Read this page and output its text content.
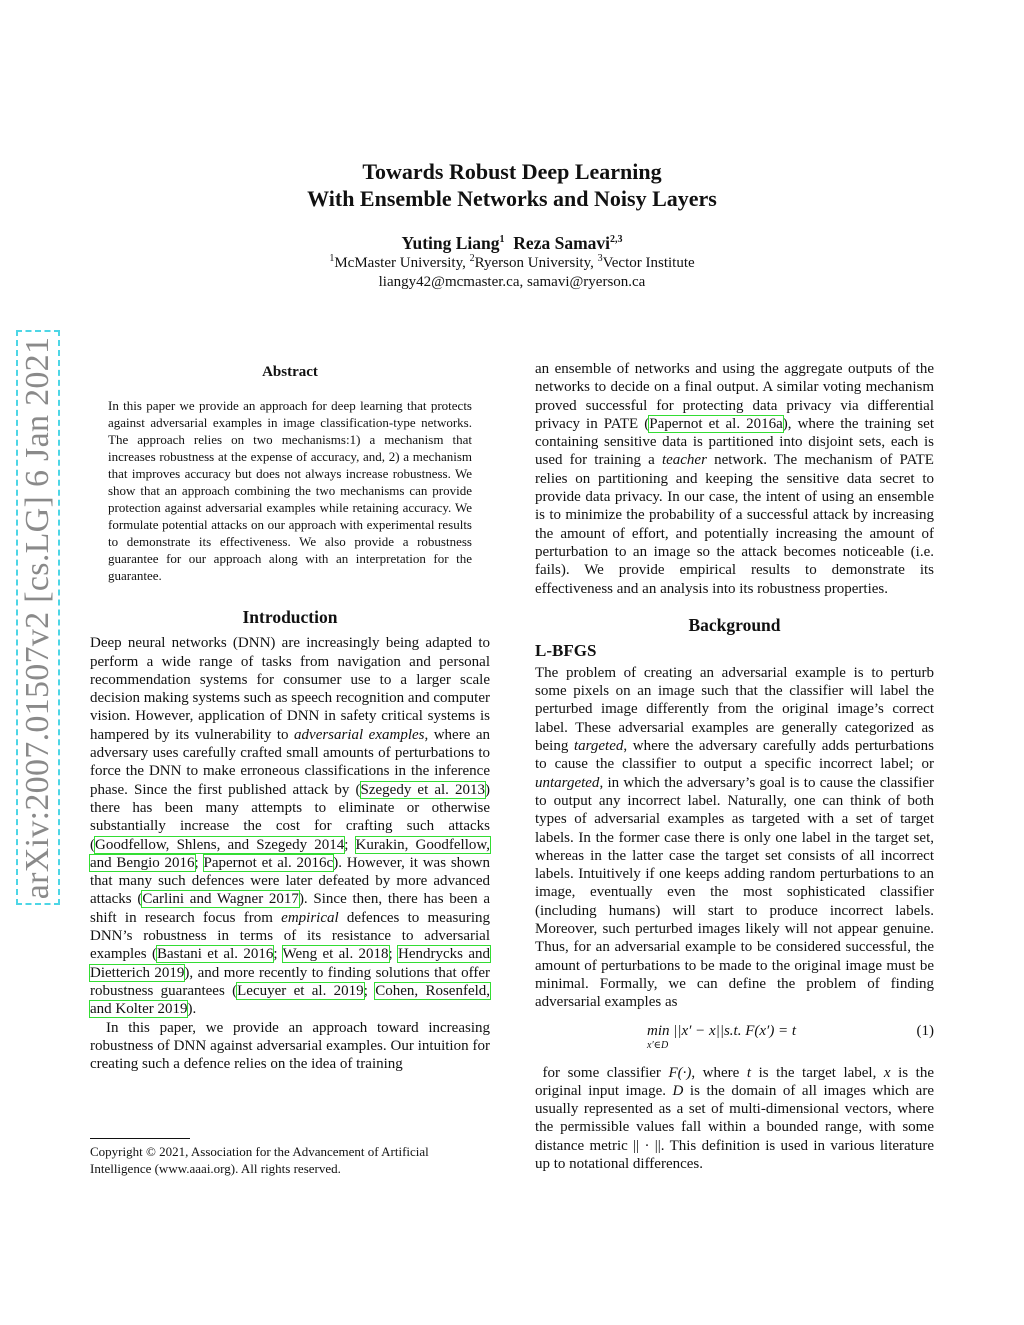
arXiv:2007.01507v2 [cs.LG] 6 Jan 2021
Towards Robust Deep Learning
With Ensemble Networks and Noisy Layers
Yuting Liang$^1$ Reza Samavi$^{2,3}$
$^1$McMaster University, $^2$Ryerson University, $^3$Vector Institute
liangy42@mcmaster.ca, samavi@ryerson.ca
Abstract
In this paper we provide an approach for deep learning that protects against adversarial examples in image classification-type networks. The approach relies on two mechanisms:1) a mechanism that increases robustness at the expense of accuracy, and, 2) a mechanism that improves accuracy but does not always increase robustness. We show that an approach combining the two mechanisms can provide protection against adversarial examples while retaining accuracy. We formulate potential attacks on our approach with experimental results to demonstrate its effectiveness. We also provide a robustness guarantee for our approach along with an interpretation for the guarantee.
Introduction

Deep neural networks (DNN) are increasingly being adapted to perform a wide range of tasks from navigation and personal recommendation systems for consumer use to a larger scale decision making systems such as speech recognition and computer vision. However, application of DNN in safety critical systems is hampered by its vulnerability to adversarial examples, where an adversary uses carefully crafted small amounts of perturbations to force the DNN to make erroneous classifications in the inference phase. Since the first published attack by (Szegedy et al. 2013) there has been many attempts to eliminate or otherwise substantially increase the cost for crafting such attacks (Goodfellow, Shlens, and Szegedy 2014; Kurakin, Goodfellow, and Bengio 2016; Papernot et al. 2016c). However, it was shown that many such defences were later defeated by more advanced attacks (Carlini and Wagner 2017). Since then, there has been a shift in research focus from empirical defences to measuring DNN’s robustness in terms of its resistance to adversarial examples (Bastani et al. 2016; Weng et al. 2018; Hendrycks and Dietterich 2019), and more recently to finding solutions that offer robustness guarantees (Lecuyer et al. 2019; Cohen, Rosenfeld, and Kolter 2019).

In this paper, we provide an approach toward increasing robustness of DNN against adversarial examples. Our intuition for creating such a defence relies on the idea of training

Copyright © 2021, Association for the Advancement of Artificial Intelligence (www.aaai.org). All rights reserved.

an ensemble of networks and using the aggregate outputs of the networks to decide on a final output. A similar voting mechanism proved successful for protecting data privacy via differential privacy in PATE (Papernot et al. 2016a), where the training set containing sensitive data is partitioned into disjoint sets, each is used for training a teacher network. The mechanism of PATE relies on partitioning and keeping the sensitive data secret to provide data privacy. In our case, the intent of using an ensemble is to minimize the probability of a successful attack by increasing the amount of effort, and potentially increasing the amount of perturbation to an image so the attack becomes noticeable (i.e. fails). We provide empirical results to demonstrate its effectiveness and an analysis into its robustness properties.

Background
L-BFGS

The problem of creating an adversarial example is to perturb some pixels on an image such that the classifier will label the perturbed image differently from the original image’s correct label. These adversarial examples are generally categorized as being targeted, where the adversary carefully adds perturbations to cause the classifier to output a specific incorrect label; or untargeted, in which the adversary’s goal is to cause the classifier to output any incorrect label. Naturally, one can think of both types of adversarial examples as targeted with a set of target labels. In the former case there is only one label in the target set, whereas in the latter case the target set consists of all incorrect labels. Intuitively if one keeps adding random perturbations to an image, eventually even the most sophisticated classifier (including humans) will start to produce incorrect labels. Moreover, such perturbed images likely will not appear genuine. Thus, for an adversarial example to be considered successful, the amount of perturbations to be made to the original image must be minimal. Formally, we can define the problem of finding adversarial examples as

min ||x′ − x||s.t. F(x′) = t
x′∈D
(1)

for some classifier F(·), where t is the target label, x is the original input image. D is the domain of all images which are usually represented as a set of multi-dimensional vectors, where the permissible values fall within a bounded range, with some distance metric || · ||. This definition is used in various literature up to notational differences.
